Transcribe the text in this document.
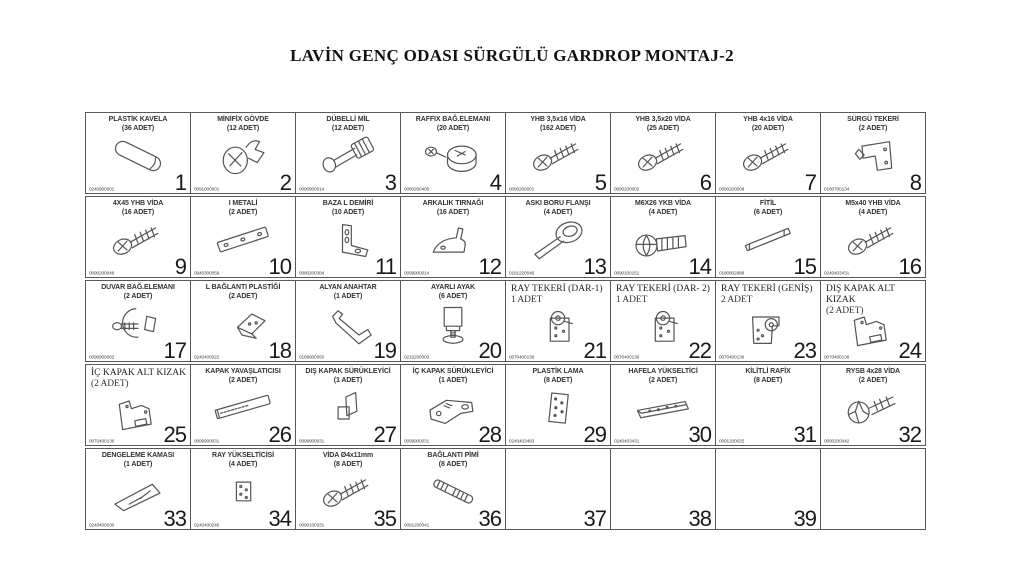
LAVİN GENÇ ODASI SÜRGÜLÜ GARDROP MONTAJ-2
PLASTİK KAVELA
(36 ADET)
0240900001	1
MİNİFİX GÖVDE
(12 ADET)
0091000001	2
DÜBELLİ MİL
(12 ADET)
0090900014	3
RAFFIX BAĞ.ELEMANI
(20 ADET)
0080200405	4
YHB 3,5x16 VİDA
(162 ADET)
0090200001	5
YHB 3,5x20 VİDA
(25 ADET)
0090200002	6
YHB 4x16 VİDA
(20 ADET)
0090200008	7
SÜRGÜ TEKERİ
(2 ADET)
0180700134	8
4X45 YHB VİDA
(16 ADET)
0090200048	9
I METALİ
(2 ADET)
0940300059 10
BAZA L DEMİRİ
(10 ADET)
0080200384 11
ARKALIK TIRNAĞI
(16 ADET)
0099900014 12
ASKI BORU FLANŞI
(4 ADET)
0181220046 13
M6X26 YKB VİDA
(4 ADET)
0090100151 14
FİTİL
(6 ADET)
0180802988 15
M5x40 YHB VİDA
(4 ADET)
0240403431 16
DUVAR BAĞ.ELEMANI
(2 ADET)
0090900082 17
L BAĞLANTI PLASTİĞİ
(2 ADET)
0240400022 18
ALYAN ANAHTAR
(1 ADET)
0189900050 19
AYARLI AYAK
(6 ADET)
0210200003 20
RAY TEKERİ (DAR-1)
1 ADET
0070400136 21
RAY TEKERİ (DAR- 2)
1 ADET
0070400136 22
RAY TEKERİ (GENİŞ)
2 ADET
0070400136 23
DIŞ KAPAK ALT KIZAK
(2 ADET)
0070400136 24
İÇ KAPAK ALT KIZAK
(2 ADET)
0070400136 25
KAPAK YAVAŞLATICISI
(2 ADET)
0099900031 26
DIŞ KAPAK SÜRÜKLEYİCİ
(1 ADET)
0099900031 27
İÇ KAPAK SÜRÜKLEYİCİ
(1 ADET)
0099900031 28
PLASTİK LAMA
(8 ADET)
0240403483 29
HAFELA YÜKSELTİCİ
(2 ADET)
0240403431 30
KİLİTLİ RAFİX
(8 ADET)
0091200025 31
RYSB 4x28 VİDA
(2 ADET)
0090200042 32
DENGELEME KAMASI
(1 ADET)
0240400030 33
RAY YÜKSELTİCİSİ
(4 ADET)
0240400246 34
VİDA Ø4x11mm
(8 ADET)
0090100331 35
BAĞLANTI PİMİ
(8 ADET)
0091200041 36	37	38	39
